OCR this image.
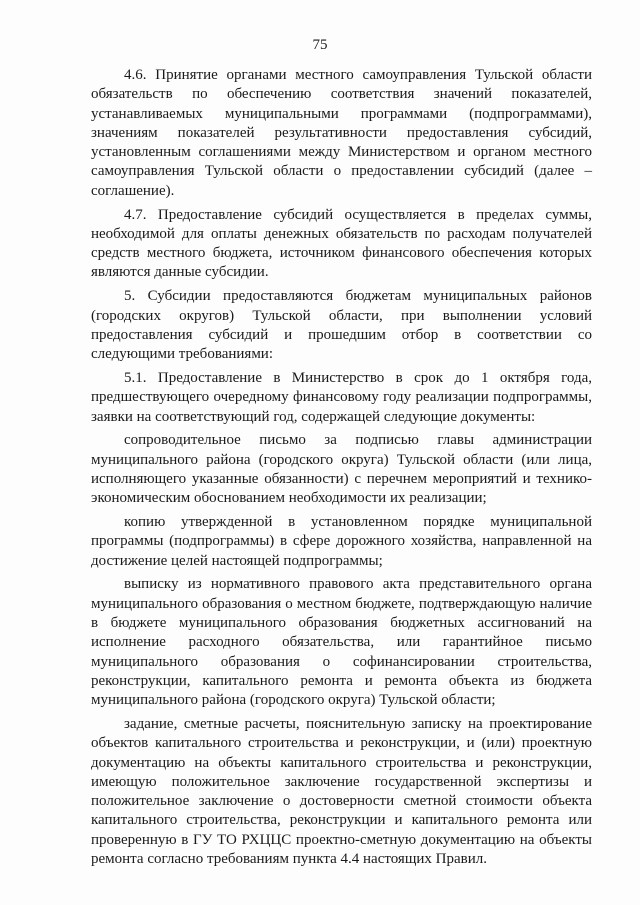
75

4.6. Принятие органами местного самоуправления Тульской области обязательств по обеспечению соответствия значений показателей, устанавливаемых муниципальными программами (подпрограммами), значениям показателей результативности предоставления субсидий, установленным соглашениями между Министерством и органом местного самоуправления Тульской области о предоставлении субсидий (далее – соглашение).

4.7. Предоставление субсидий осуществляется в пределах суммы, необходимой для оплаты денежных обязательств по расходам получателей средств местного бюджета, источником финансового обеспечения которых являются данные субсидии.

5. Субсидии предоставляются бюджетам муниципальных районов (городских округов) Тульской области, при выполнении условий предоставления субсидий и прошедшим отбор в соответствии со следующими требованиями:

5.1. Предоставление в Министерство в срок до 1 октября года, предшествующего очередному финансовому году реализации подпрограммы, заявки на соответствующий год, содержащей следующие документы:

сопроводительное письмо за подписью главы администрации муниципального района (городского округа) Тульской области (или лица, исполняющего указанные обязанности) с перечнем мероприятий и технико-экономическим обоснованием необходимости их реализации;

копию утвержденной в установленном порядке муниципальной программы (подпрограммы) в сфере дорожного хозяйства, направленной на достижение целей настоящей подпрограммы;

выписку из нормативного правового акта представительного органа муниципального образования о местном бюджете, подтверждающую наличие в бюджете муниципального образования бюджетных ассигнований на исполнение расходного обязательства, или гарантийное письмо муниципального образования о софинансировании строительства, реконструкции, капитального ремонта и ремонта объекта из бюджета муниципального района (городского округа) Тульской области;

задание, сметные расчеты, пояснительную записку на проектирование объектов капитального строительства и реконструкции, и (или) проектную документацию на объекты капитального строительства и реконструкции, имеющую положительное заключение государственной экспертизы и положительное заключение о достоверности сметной стоимости объекта капитального строительства, реконструкции и капитального ремонта или проверенную в ГУ ТО РХЦЦС проектно-сметную документацию на объекты ремонта согласно требованиям пункта 4.4 настоящих Правил.
